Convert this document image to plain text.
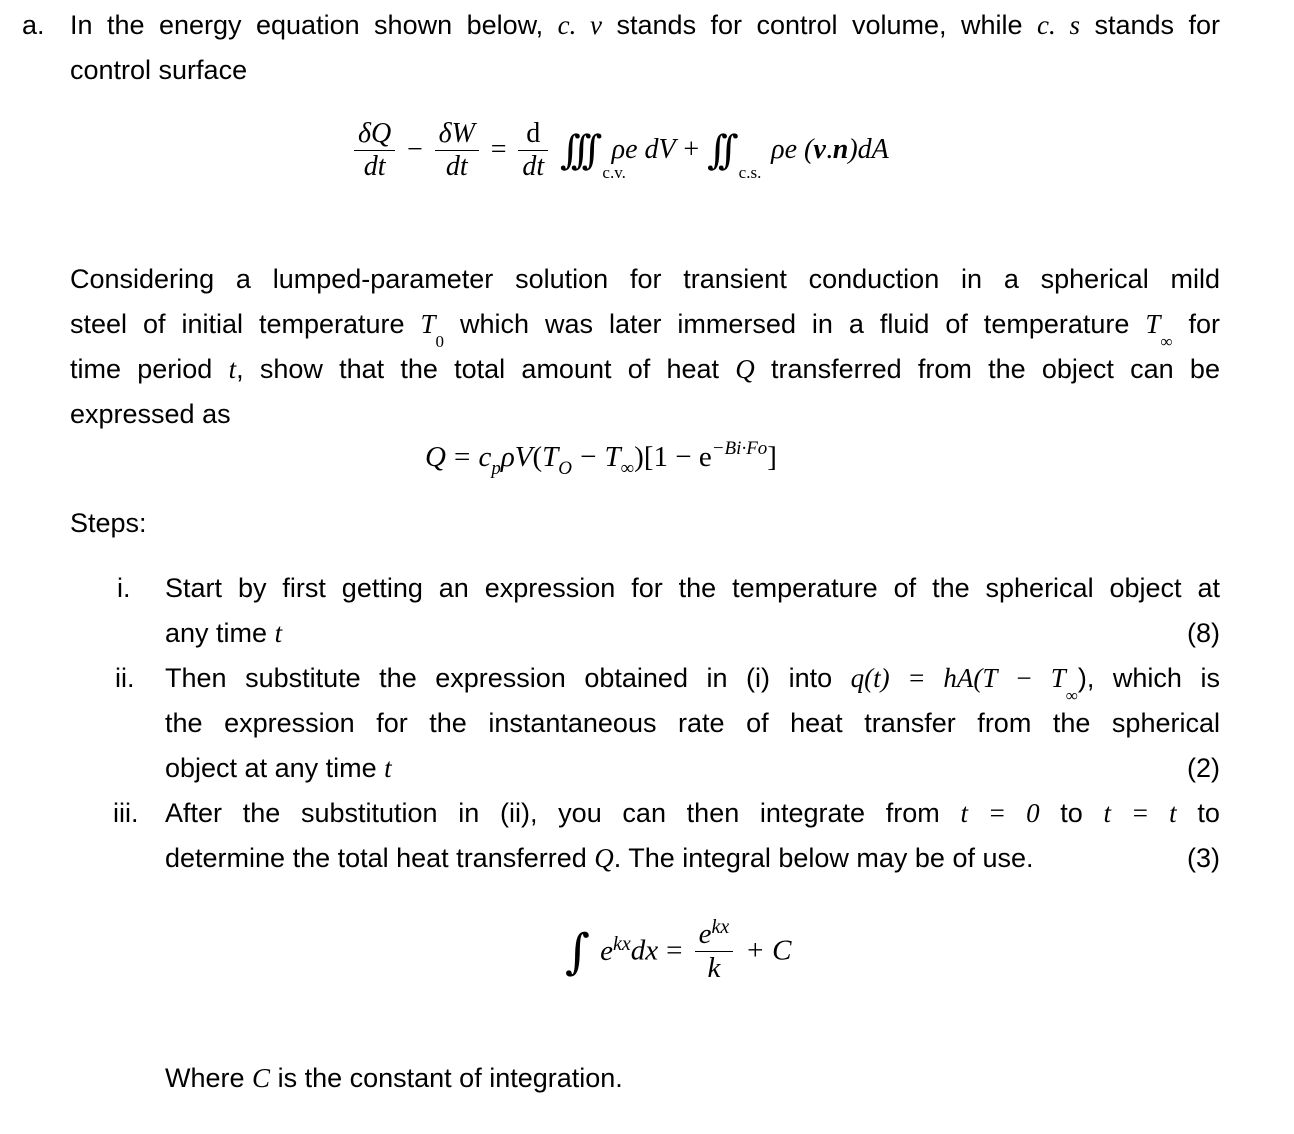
a. In the energy equation shown below, c. v stands for control volume, while c. s stands for
control surface
$\frac{\delta Q}{dt} - \frac{\delta W}{dt} = \frac{d}{dt}$ ∫∫∫ $_{c.v.}$ ρe dV + ∫∫ $_{c.s.}$ ρe (v.n)dA
Considering a lumped-parameter solution for transient conduction in a spherical mild
steel of initial temperature $T_0$ which was later immersed in a fluid of temperature $T_\infty$ for
time period t, show that the total amount of heat Q transferred from the object can be
expressed as
$Q = c_p\rho V(T_O - T_\infty)[1 - e^{-Bi\cdot Fo}]$
Steps:
i. Start by first getting an expression for the temperature of the spherical object at
any time t	(8)
ii. Then substitute the expression obtained in (i) into $q(t) = hA(T - T_\infty)$, which is
the expression for the instantaneous rate of heat transfer from the spherical
object at any time t	(2)
iii. After the substitution in (ii), you can then integrate from t = 0 to t = t to
determine the total heat transferred Q. The integral below may be of use.	(3)
∫ $e^{kx}dx = \frac{e^{kx}}{k} + C$
Where C is the constant of integration.
